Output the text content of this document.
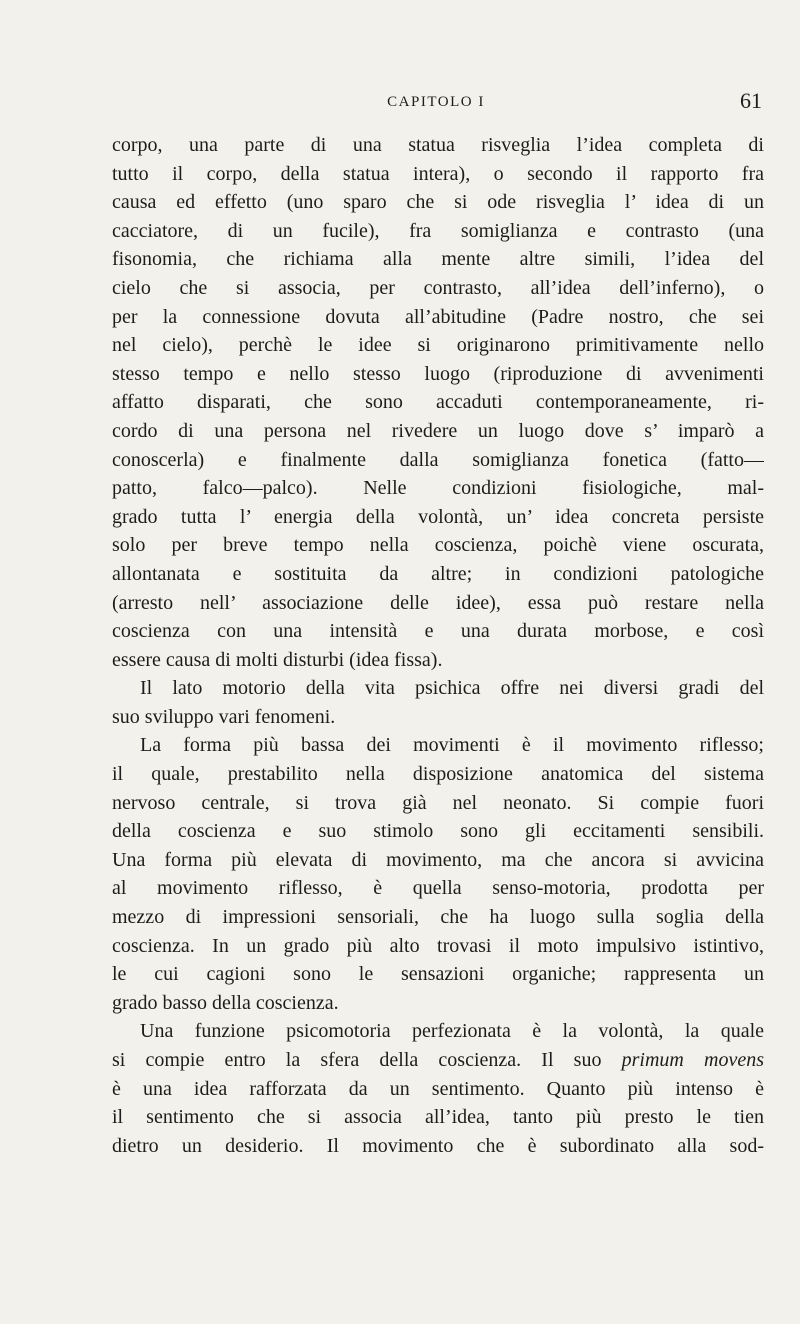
CAPITOLO I	61
corpo, una parte di una statua risveglia l’idea completa di
tutto il corpo, della statua intera), o secondo il rapporto fra
causa ed effetto (uno sparo che si ode risveglia l’ idea di un
cacciatore, di un fucile), fra somiglianza e contrasto (una
fisonomia, che richiama alla mente altre simili, l’idea del
cielo che si associa, per contrasto, all’idea dell’inferno), o
per la connessione dovuta all’abitudine (Padre nostro, che sei
nel cielo), perchè le idee si originarono primitivamente nello
stesso tempo e nello stesso luogo (riproduzione di avvenimenti
affatto disparati, che sono accaduti contemporaneamente, ri-
cordo di una persona nel rivedere un luogo dove s’ imparò a
conoscerla) e finalmente dalla somiglianza fonetica (fatto—
patto, falco—palco). Nelle condizioni fisiologiche, mal-
grado tutta l’ energia della volontà, un’ idea concreta persiste
solo per breve tempo nella coscienza, poichè viene oscurata,
allontanata e sostituita da altre; in condizioni patologiche
(arresto nell’ associazione delle idee), essa può restare nella
coscienza con una intensità e una durata morbose, e così
essere causa di molti disturbi (idea fissa).
Il lato motorio della vita psichica offre nei diversi gradi del
suo sviluppo vari fenomeni.
La forma più bassa dei movimenti è il movimento riflesso;
il quale, prestabilito nella disposizione anatomica del sistema
nervoso centrale, si trova già nel neonato. Si compie fuori
della coscienza e suo stimolo sono gli eccitamenti sensibili.
Una forma più elevata di movimento, ma che ancora si avvicina
al movimento riflesso, è quella senso-motoria, prodotta per
mezzo di impressioni sensoriali, che ha luogo sulla soglia della
coscienza. In un grado più alto trovasi il moto impulsivo istintivo,
le cui cagioni sono le sensazioni organiche; rappresenta un
grado basso della coscienza.
Una funzione psicomotoria perfezionata è la volontà, la quale
si compie entro la sfera della coscienza. Il suo primum movens
è una idea rafforzata da un sentimento. Quanto più intenso è
il sentimento che si associa all’idea, tanto più presto le tien
dietro un desiderio. Il movimento che è subordinato alla sod-
